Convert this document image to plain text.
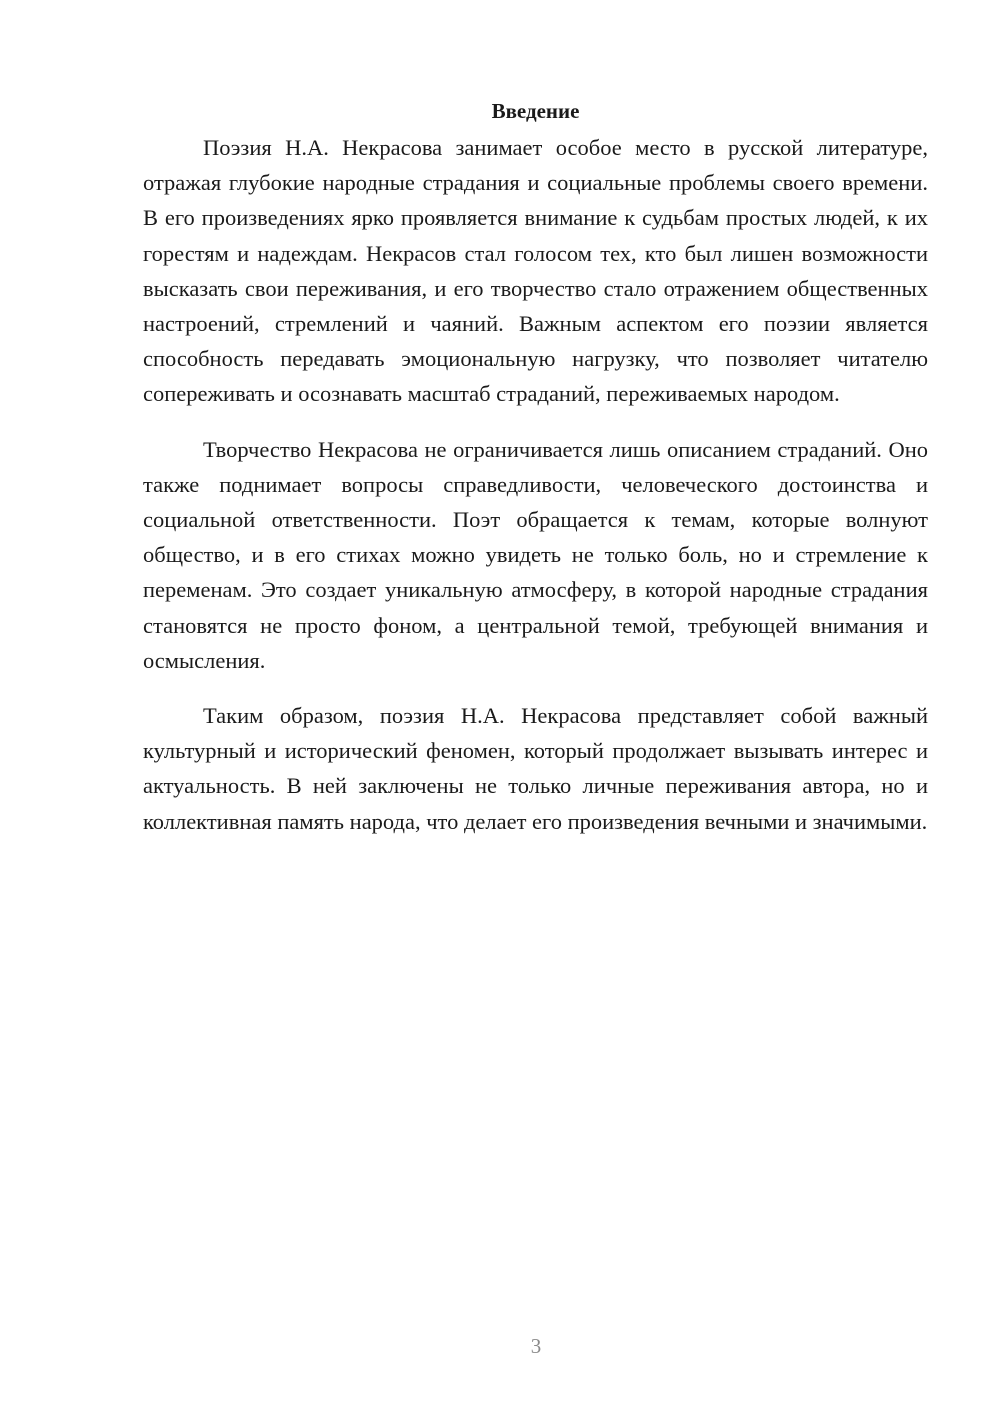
Введение

Поэзия Н.А. Некрасова занимает особое место в русской литературе, отражая глубокие народные страдания и социальные проблемы своего времени. В его произведениях ярко проявляется внимание к судьбам простых людей, к их горестям и надеждам. Некрасов стал голосом тех, кто был лишен возможности высказать свои переживания, и его творчество стало отражением общественных настроений, стремлений и чаяний. Важным аспектом его поэзии является способность передавать эмоциональную нагрузку, что позволяет читателю сопереживать и осознавать масштаб страданий, переживаемых народом.

Творчество Некрасова не ограничивается лишь описанием страданий. Оно также поднимает вопросы справедливости, человеческого достоинства и социальной ответственности. Поэт обращается к темам, которые волнуют общество, и в его стихах можно увидеть не только боль, но и стремление к переменам. Это создает уникальную атмосферу, в которой народные страдания становятся не просто фоном, а центральной темой, требующей внимания и осмысления.

Таким образом, поэзия Н.А. Некрасова представляет собой важный культурный и исторический феномен, который продолжает вызывать интерес и актуальность. В ней заключены не только личные переживания автора, но и коллективная память народа, что делает его произведения вечными и значимыми.

3
